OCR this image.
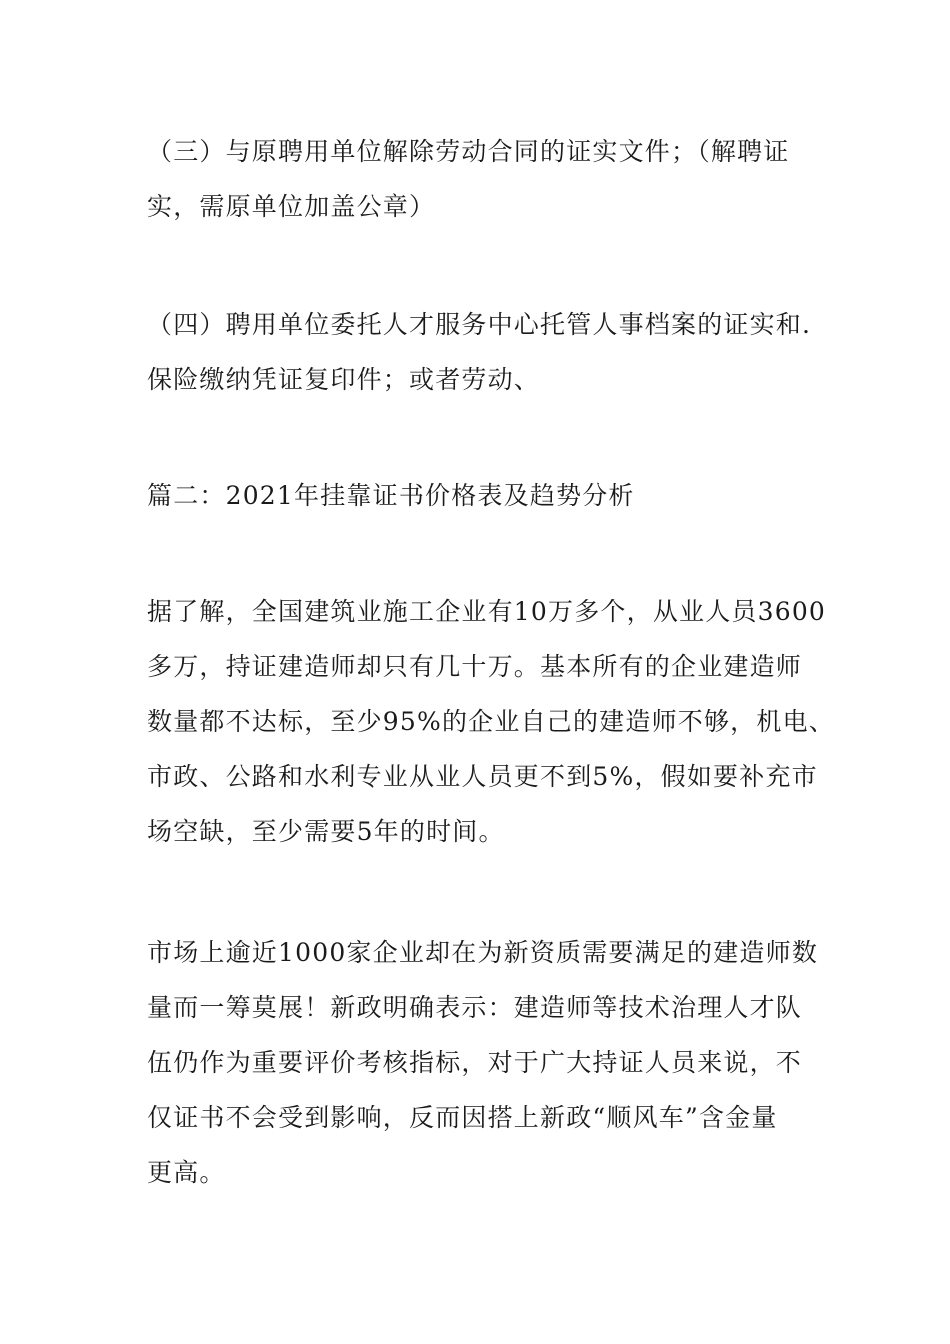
（三）与原聘用单位解除劳动合同的证实文件；（解聘证
实，需原单位加盖公章）
（四）聘用单位委托人才服务中心托管人事档案的证实和.
保险缴纳凭证复印件；或者劳动、
篇二：2021年挂靠证书价格表及趋势分析
据了解，全国建筑业施工企业有10万多个，从业人员3600
多万，持证建造师却只有几十万。基本所有的企业建造师
数量都不达标，至少95%的企业自己的建造师不够，机电、
市政、公路和水利专业从业人员更不到5%，假如要补充市
场空缺，至少需要5年的时间。
市场上逾近1000家企业却在为新资质需要满足的建造师数
量而一筹莫展！新政明确表示：建造师等技术治理人才队
伍仍作为重要评价考核指标，对于广大持证人员来说，不
仅证书不会受到影响，反而因搭上新政“顺风车”含金量
更高。
